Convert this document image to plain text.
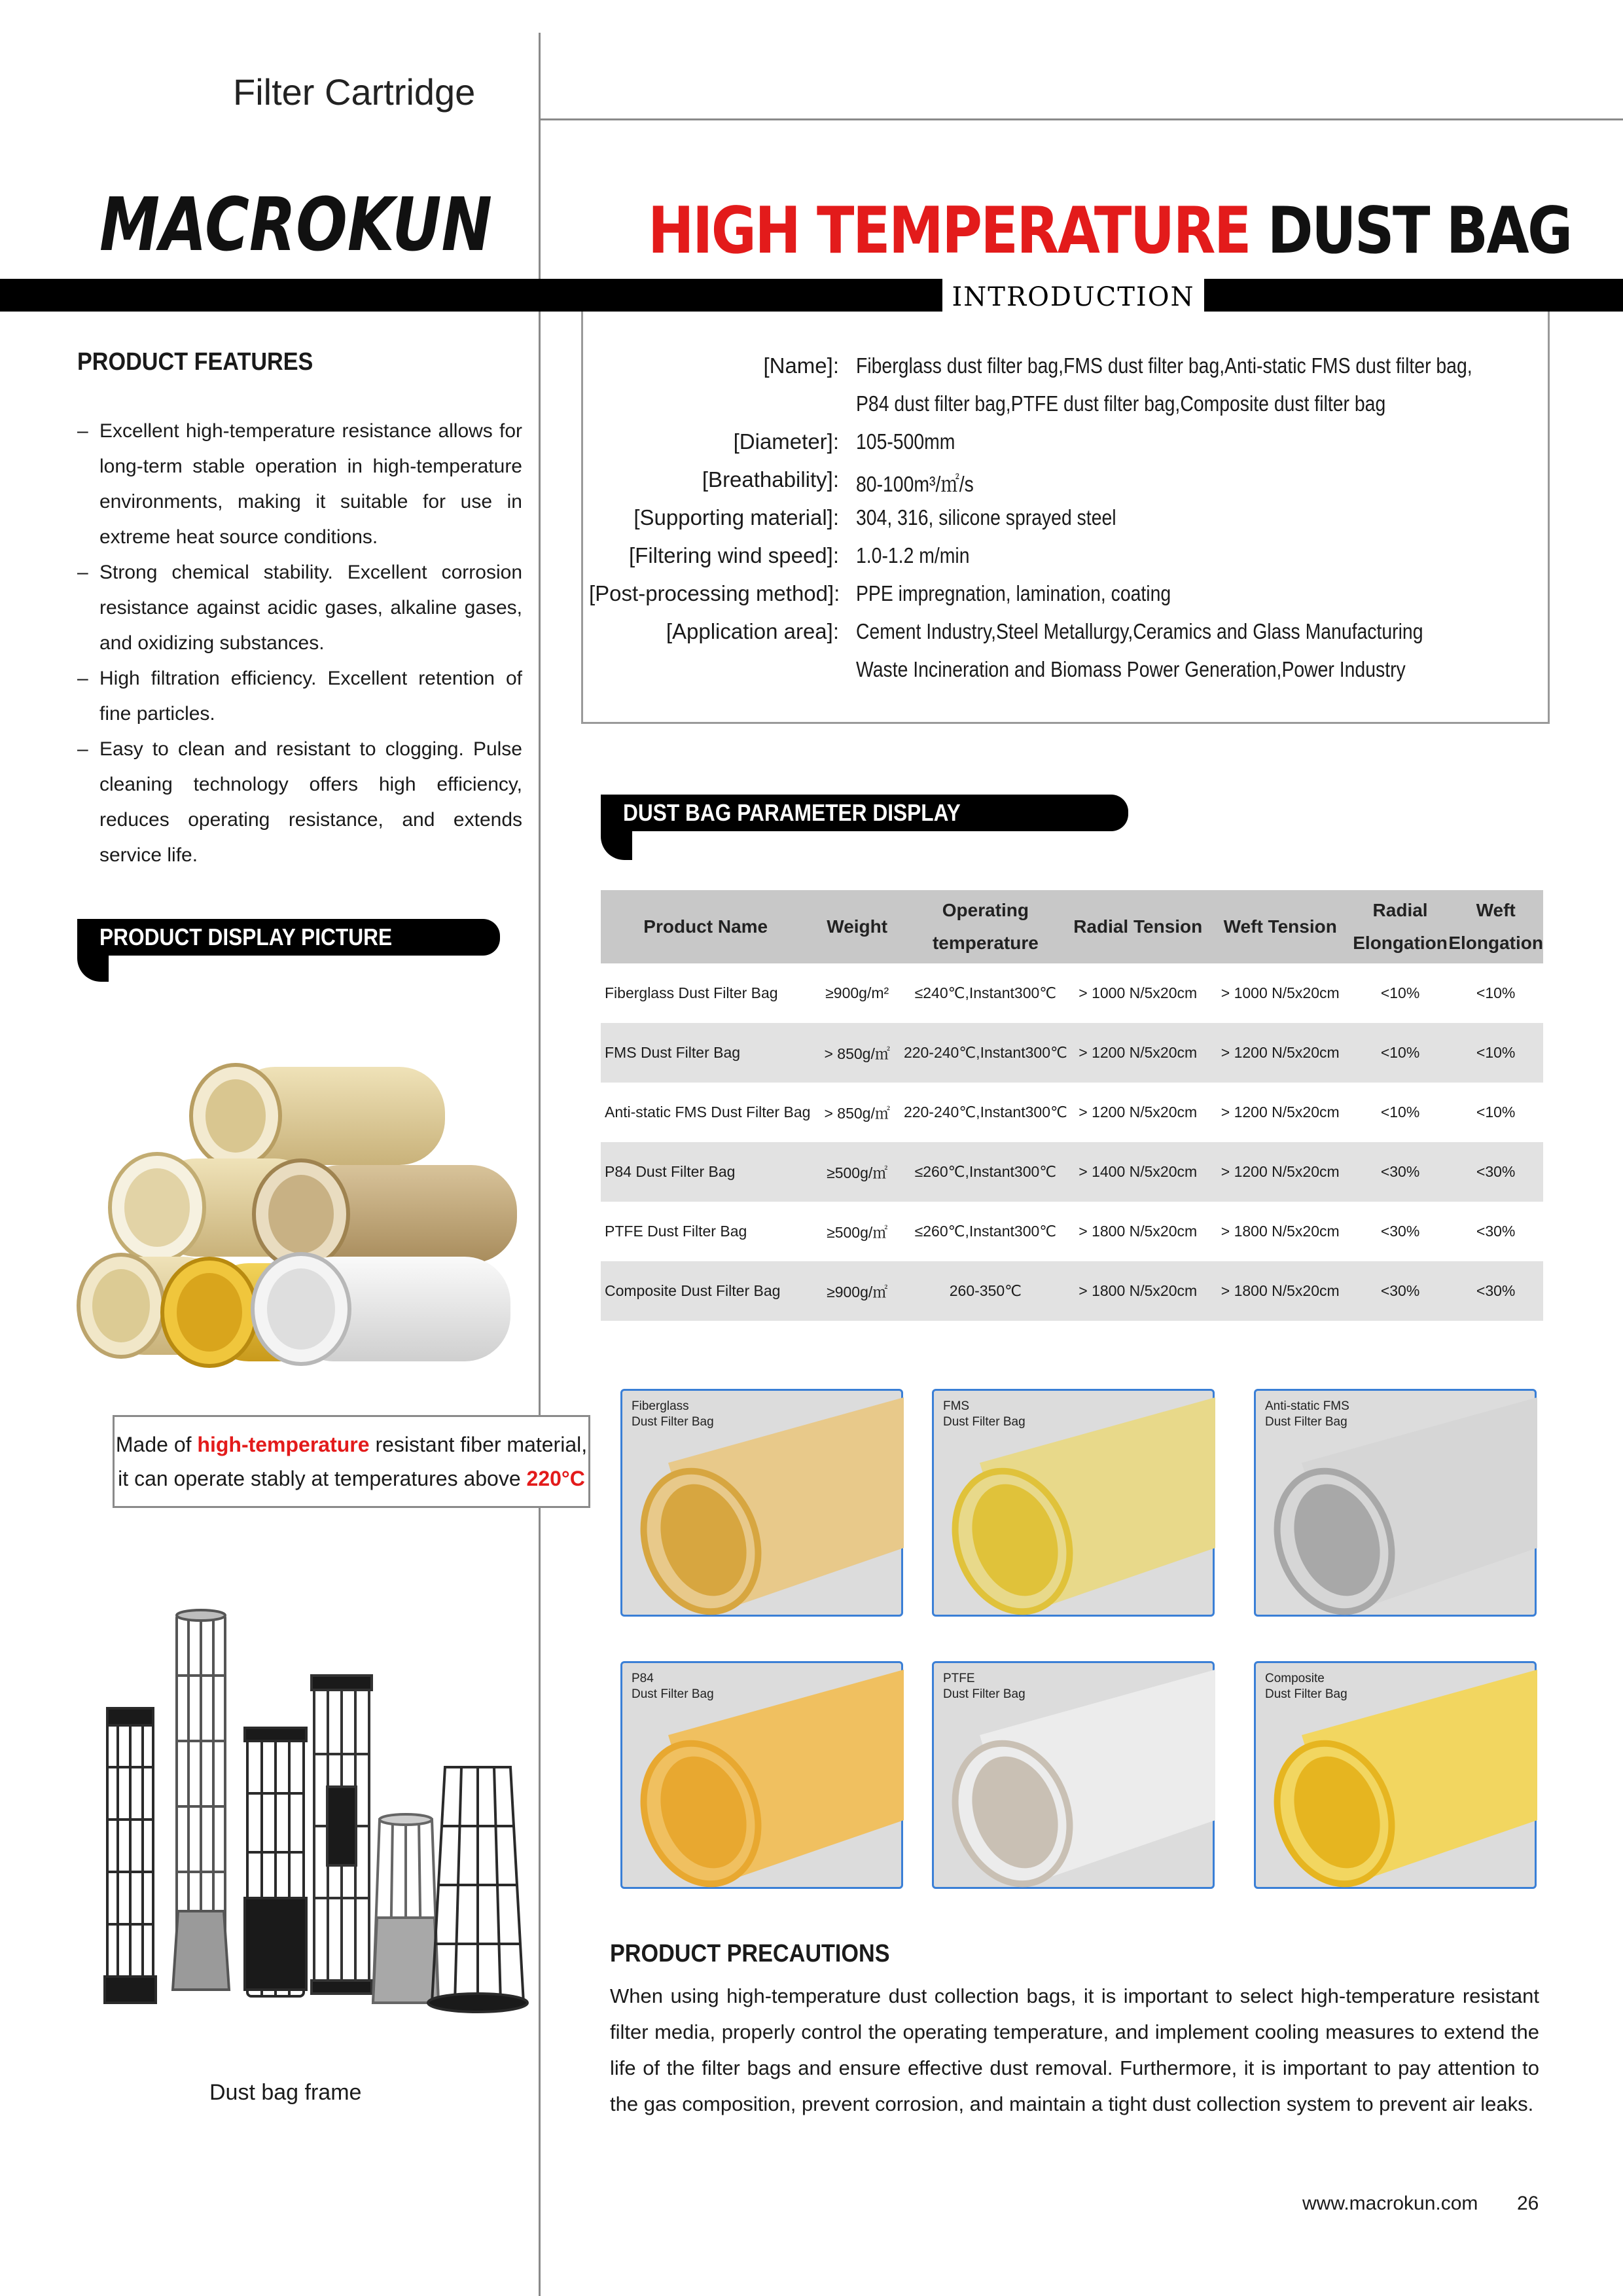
Filter Cartridge
MACROKUN HIGH TEMPERATURE DUST BAG
INTRODUCTION
[Name]: Fiberglass dust filter bag,FMS dust filter bag,Anti-static FMS dust filter bag,
P84 dust filter bag,PTFE dust filter bag,Composite dust filter bag
[Diameter]: 105-500mm
[Breathability]: 80-100m³/㎡/s
[Supporting material]: 304, 316, silicone sprayed steel
[Filtering wind speed]: 1.0-1.2 m/min
[Post-processing method]: PPE impregnation, lamination, coating
[Application area]: Cement Industry,Steel Metallurgy,Ceramics and Glass Manufacturing
Waste Incineration and Biomass Power Generation,Power Industry
PRODUCT FEATURES
– Excellent high-temperature resistance allows for long-term stable operation in high-temperature environments, making it suitable for use in extreme heat source conditions.
– Strong chemical stability. Excellent corrosion resistance against acidic gases, alkaline gases, and oxidizing substances.
– High filtration efficiency. Excellent retention of fine particles.
– Easy to clean and resistant to clogging. Pulse cleaning technology offers high efficiency, reduces operating resistance, and extends service life.
PRODUCT DISPLAY PICTURE
Made of high-temperature resistant fiber material,
it can operate stably at temperatures above 220°C
Dust bag frame
DUST BAG PARAMETER DISPLAY
Product Name	Weight	Operating temperature	Radial Tension	Weft Tension	Radial Elongation	Weft Elongation
Fiberglass Dust Filter Bag	≥900g/m²	≤240℃,Instant300℃	> 1000 N/5x20cm	> 1000 N/5x20cm	<10%	<10%
FMS Dust Filter Bag	> 850g/㎡	220-240℃,Instant300℃	> 1200 N/5x20cm	> 1200 N/5x20cm	<10%	<10%
Anti-static FMS Dust Filter Bag	> 850g/㎡	220-240℃,Instant300℃	> 1200 N/5x20cm	> 1200 N/5x20cm	<10%	<10%
P84 Dust Filter Bag	≥500g/㎡	≤260℃,Instant300℃	> 1400 N/5x20cm	> 1200 N/5x20cm	<30%	<30%
PTFE Dust Filter Bag	≥500g/㎡	≤260℃,Instant300℃	> 1800 N/5x20cm	> 1800 N/5x20cm	<30%	<30%
Composite Dust Filter Bag	≥900g/㎡	260-350℃	> 1800 N/5x20cm	> 1800 N/5x20cm	<30%	<30%
Fiberglass
Dust Filter Bag
FMS
Dust Filter Bag
Anti-static FMS
Dust Filter Bag
P84
Dust Filter Bag
PTFE
Dust Filter Bag
Composite
Dust Filter Bag
PRODUCT PRECAUTIONS
When using high-temperature dust collection bags, it is important to select high-temperature resistant filter media, properly control the operating temperature, and implement cooling measures to extend the life of the filter bags and ensure effective dust removal. Furthermore, it is important to pay attention to the gas composition, prevent corrosion, and maintain a tight dust collection system to prevent air leaks.
www.macrokun.com 26
